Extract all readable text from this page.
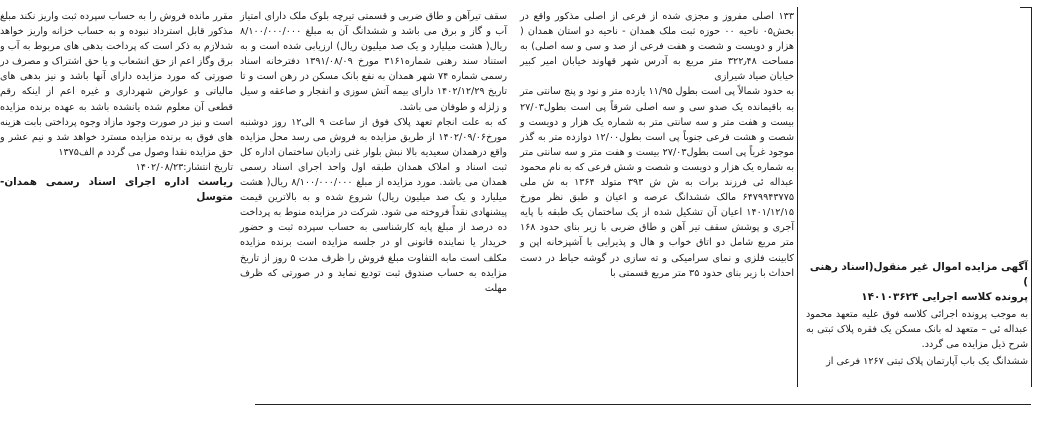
مقرر مانده فروش را به حساب سپرده ثبت واریز نکند مبلغ مذکور قابل استرداد نبوده و به حساب خزانه واریز خواهد شدلازم به ذکر است که پرداخت بدهی های مربوط به آب و برق وگاز اعم از حق انشعاب و یا حق اشتراک و مصرف در صورتی که مورد مزایده دارای آنها باشد و نیز بدهی های مالیاتی و عوارض شهرداری و غیره اعم از اینکه رقم قطعی آن معلوم شده یانشده باشد به عهده برنده مزایده است و نیز در صورت وجود مازاد وجوه پرداختی بابت هزینه های فوق به برنده مزایده مسترد خواهد شد و نیم عشر و حق مزایده نقدا وصول می گردد م الف۱۳۷۵

تاریخ انتشار:۱۴۰۲/۰۸/۲۳

ریاست اداره اجرای اسناد رسمی همدان-متوسل

سقف تیرآهن و طاق ضربی و قسمتی تیرچه بلوک ملک دارای امتیاز آب و گاز و برق می باشد و ششدانگ آن به مبلغ ۸/۱۰۰/۰۰۰/۰۰۰ ریال( هشت میلیارد و یک صد میلیون ریال) ارزیابی شده است و به استناد سند رهنی شماره۳۱۶۱ مورخ ۱۳۹۱/۰۸/۰۹ دفترخانه اسناد رسمی شماره ۷۴ شهر همدان به نفع بانک مسکن در رهن است و تا تاریخ ۱۴۰۲/۱۲/۲۹ دارای بیمه آتش سوزی و انفجار و صاعقه و سیل و زلزله و طوفان می باشد.
که به علت انجام تعهد پلاک فوق از ساعت ۹ الی۱۲ روز دوشنبه مورخ۱۴۰۲/۰۹/۰۶ از طریق مزایده به فروش می رسد محل مزایده واقع درهمدان سعیدیه بالا نبش بلوار غنی زادیان ساختمان اداره کل ثبت اسناد و املاک همدان طبقه اول واحد اجرای اسناد رسمی همدان می باشد. مورد مزایده از مبلغ ۸/۱۰۰/۰۰۰/۰۰۰ ریال( هشت میلیارد و یک صد میلیون ریال) شروع شده و به بالاترین قیمت پیشنهادی نقداً فروخته می شود. شرکت در مزایده منوط به پرداخت ده درصد از مبلغ پایه کارشناسی به حساب سپرده ثبت و حضور خریدار یا نماینده قانونی او در جلسه مزایده است برنده مزایده مکلف است مابه التفاوت مبلغ فروش را ظرف مدت ۵ روز از تاریخ مزایده به حساب صندوق ثبت تودیع نماید و در صورتی که ظرف مهلت

۱۳۳ اصلی مفروز و مجزی شده از فرعی از اصلی مذکور واقع در بخش۰۵ ناحیه ۰۰ حوزه ثبت ملک همدان - ناحیه دو استان همدان ( هزار و دویست و شصت و هفت فرعی از صد و سی و سه اصلی) به مساحت ۳۲۲٫۴۸ متر مربع به آدرس شهر قهاوند خیابان امیر کبیر خیابان صیاد شیرازی
به حدود شمالاً پی است بطول ۱۱/۹۵ یازده متر و نود و پنج سانتی متر به باقیمانده یک صدو سی و سه اصلی شرقاً پی است بطول۲۷/۰۳ بیست و هفت متر و سه سانتی متر به شماره یک هزار و دویست و شصت و هشت فرعی جنوباً پی است بطول۱۲/۰۰ دوازده متر به گذر موجود غرباً پی است بطول۲۷/۰۳ بیست و هفت متر و سه سانتی متر به شماره یک هزار و دویست و شصت و شش فرعی که به نام محمود عبداله ئی فرزند برات به ش ش ۳۹۳ متولد ۱۳۶۴ به ش ملی ۶۴۷۹۹۴۳۷۷۵ مالک ششدانگ عرصه و اعیان و طبق نظر مورخ ۱۴۰۱/۱۲/۱۵ اعیان آن تشکیل شده از یک ساختمان یک طبقه با پایه آجری و پوشش سقف تیر آهن و طاق ضربی با زیر بنای حدود ۱۶۸ متر مربع شامل دو اتاق خواب و هال و پذیرایی با آشپزخانه اپن و کابینت فلزی و نمای سرامیکی و ته سازی در گوشه حیاط در دست احداث با زیر بنای حدود ۳۵ متر مربع قسمتی با

آگهی مزایده اموال غیر منقول(اسناد رهنی )

پرونده کلاسه اجرایی ۱۴۰۱۰۳۶۲۴

به موجب پرونده اجرائی کلاسه فوق علیه متعهد محمود عبداله ئی – متعهد له بانک مسکن یک فقره پلاک ثبتی به شرح ذیل مزایده می گردد.

ششدانگ یک باب آپارتمان پلاک ثبتی ۱۲۶۷ فرعی از
